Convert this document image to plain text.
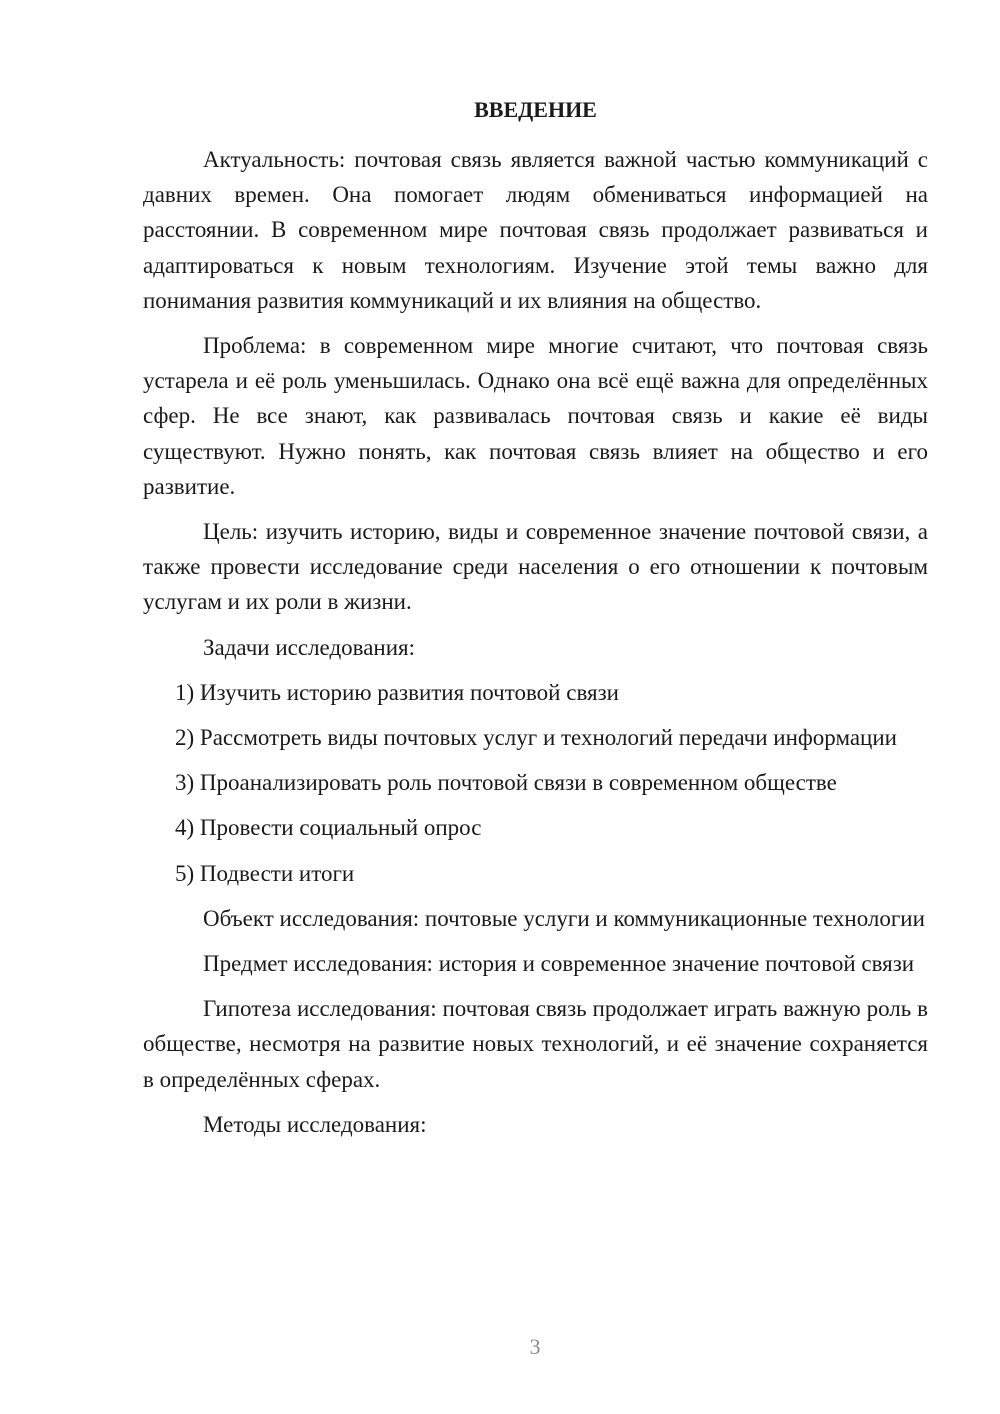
ВВЕДЕНИЕ

Актуальность: почтовая связь является важной частью коммуникаций с давних времен. Она помогает людям обмениваться информацией на расстоянии. В современном мире почтовая связь продолжает развиваться и адаптироваться к новым технологиям. Изучение этой темы важно для понимания развития коммуникаций и их влияния на общество.

Проблема: в современном мире многие считают, что почтовая связь устарела и её роль уменьшилась. Однако она всё ещё важна для определённых сфер. Не все знают, как развивалась почтовая связь и какие её виды существуют. Нужно понять, как почтовая связь влияет на общество и его развитие.

Цель: изучить историю, виды и современное значение почтовой связи, а также провести исследование среди населения о его отношении к почтовым услугам и их роли в жизни.

Задачи исследования:

1) Изучить историю развития почтовой связи

2) Рассмотреть виды почтовых услуг и технологий передачи информации

3) Проанализировать роль почтовой связи в современном обществе

4) Провести социальный опрос

5) Подвести итоги

Объект исследования: почтовые услуги и коммуникационные технологии

Предмет исследования: история и современное значение почтовой связи

Гипотеза исследования: почтовая связь продолжает играть важную роль в обществе, несмотря на развитие новых технологий, и её значение сохраняется в определённых сферах.

Методы исследования:

3
